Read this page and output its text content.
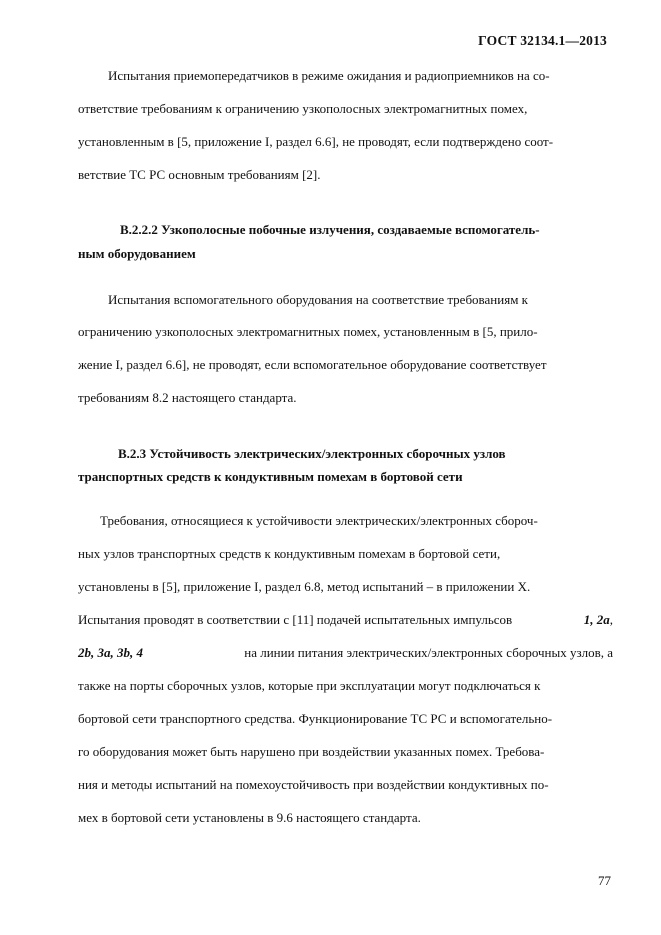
ГОСТ 32134.1—2013
Испытания приемопередатчиков в режиме ожидания и радиоприемников на со-
ответствие требованиям к ограничению узкополосных электромагнитных помех,
установленным в [5, приложение I, раздел 6.6], не проводят, если подтверждено соот-
ветствие ТС РС основным требованиям [2].
В.2.2.2 Узкополосные побочные излучения, создаваемые вспомогатель-
ным оборудованием
Испытания вспомогательного оборудования на соответствие требованиям к
ограничению узкополосных электромагнитных помех, установленным в [5, прило-
жение I, раздел 6.6], не проводят, если вспомогательное оборудование соответствует
требованиям 8.2 настоящего стандарта.
В.2.3 Устойчивость электрических/электронных сборочных узлов
транспортных средств к кондуктивным помехам в бортовой сети
Требования, относящиеся к устойчивости электрических/электронных сбороч-
ных узлов транспортных средств к кондуктивным помехам в бортовой сети,
установлены в [5], приложение I, раздел 6.8, метод испытаний – в приложении X.
Испытания проводят в соответствии с [11] подачей испытательных импульсов	1, 2a,
2b, 3a, 3b, 4	на линии питания электрических/электронных сборочных узлов, а
также на порты сборочных узлов, которые при эксплуатации могут подключаться к
бортовой сети транспортного средства. Функционирование ТС РС и вспомогательно-
го оборудования может быть нарушено при воздействии указанных помех. Требова-
ния и методы испытаний на помехоустойчивость при воздействии кондуктивных по-
мех в бортовой сети установлены в 9.6 настоящего стандарта.
77
